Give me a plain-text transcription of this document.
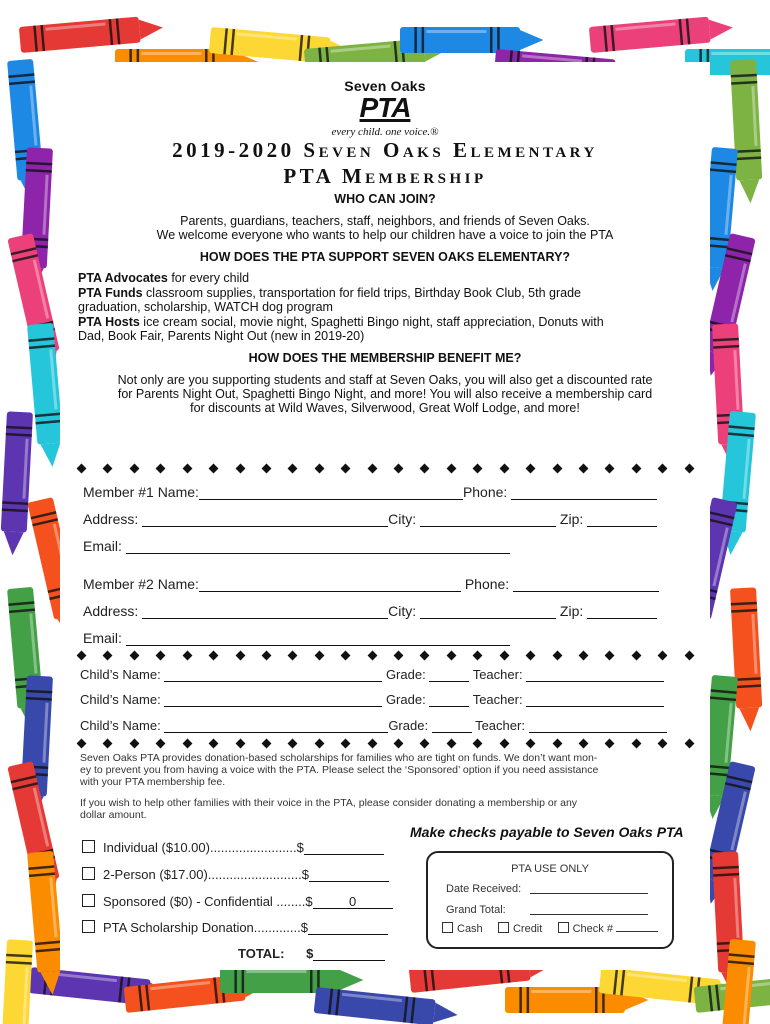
Seven Oaks
PTA
every child. one voice.®
2019-2020 Seven Oaks Elementary
PTA Membership
WHO CAN JOIN?
Parents, guardians, teachers, staff, neighbors, and friends of Seven Oaks.
We welcome everyone who wants to help our children have a voice to join the PTA
HOW DOES THE PTA SUPPORT SEVEN OAKS ELEMENTARY?
PTA Advocates for every child
PTA Funds classroom supplies, transportation for field trips, Birthday Book Club, 5th grade
graduation, scholarship, WATCH dog program
PTA Hosts ice cream social, movie night, Spaghetti Bingo night, staff appreciation, Donuts with
Dad, Book Fair, Parents Night Out (new in 2019-20)
HOW DOES THE MEMBERSHIP BENEFIT ME?
Not only are you supporting students and staff at Seven Oaks, you will also get a discounted rate
for Parents Night Out, Spaghetti Bingo Night, and more! You will also receive a membership card
for discounts at Wild Waves, Silverwood, Great Wolf Lodge, and more!
Member #1 Name:	Phone:
Address:	City:	Zip:
Email:
Member #2 Name:	Phone:
Address:	City:	Zip:
Email:
Child’s Name:	Grade:	Teacher:
Child’s Name:	Grade:	Teacher:
Child’s Name:	Grade:	Teacher:
Seven Oaks PTA provides donation-based scholarships for families who are tight on funds. We don’t want mon-
ey to prevent you from having a voice with the PTA. Please select the ‘Sponsored’ option if you need assistance
with your PTA membership fee.
If you wish to help other families with their voice in the PTA, please consider donating a membership or any
dollar amount.
Make checks payable to Seven Oaks PTA
Individual ($10.00)........................$
2-Person ($17.00)..........................$
Sponsored ($0) - Confidential ........$	0
PTA Scholarship Donation.............$
TOTAL: $
PTA USE ONLY
Date Received:
Grand Total:
Cash	Credit	Check #
